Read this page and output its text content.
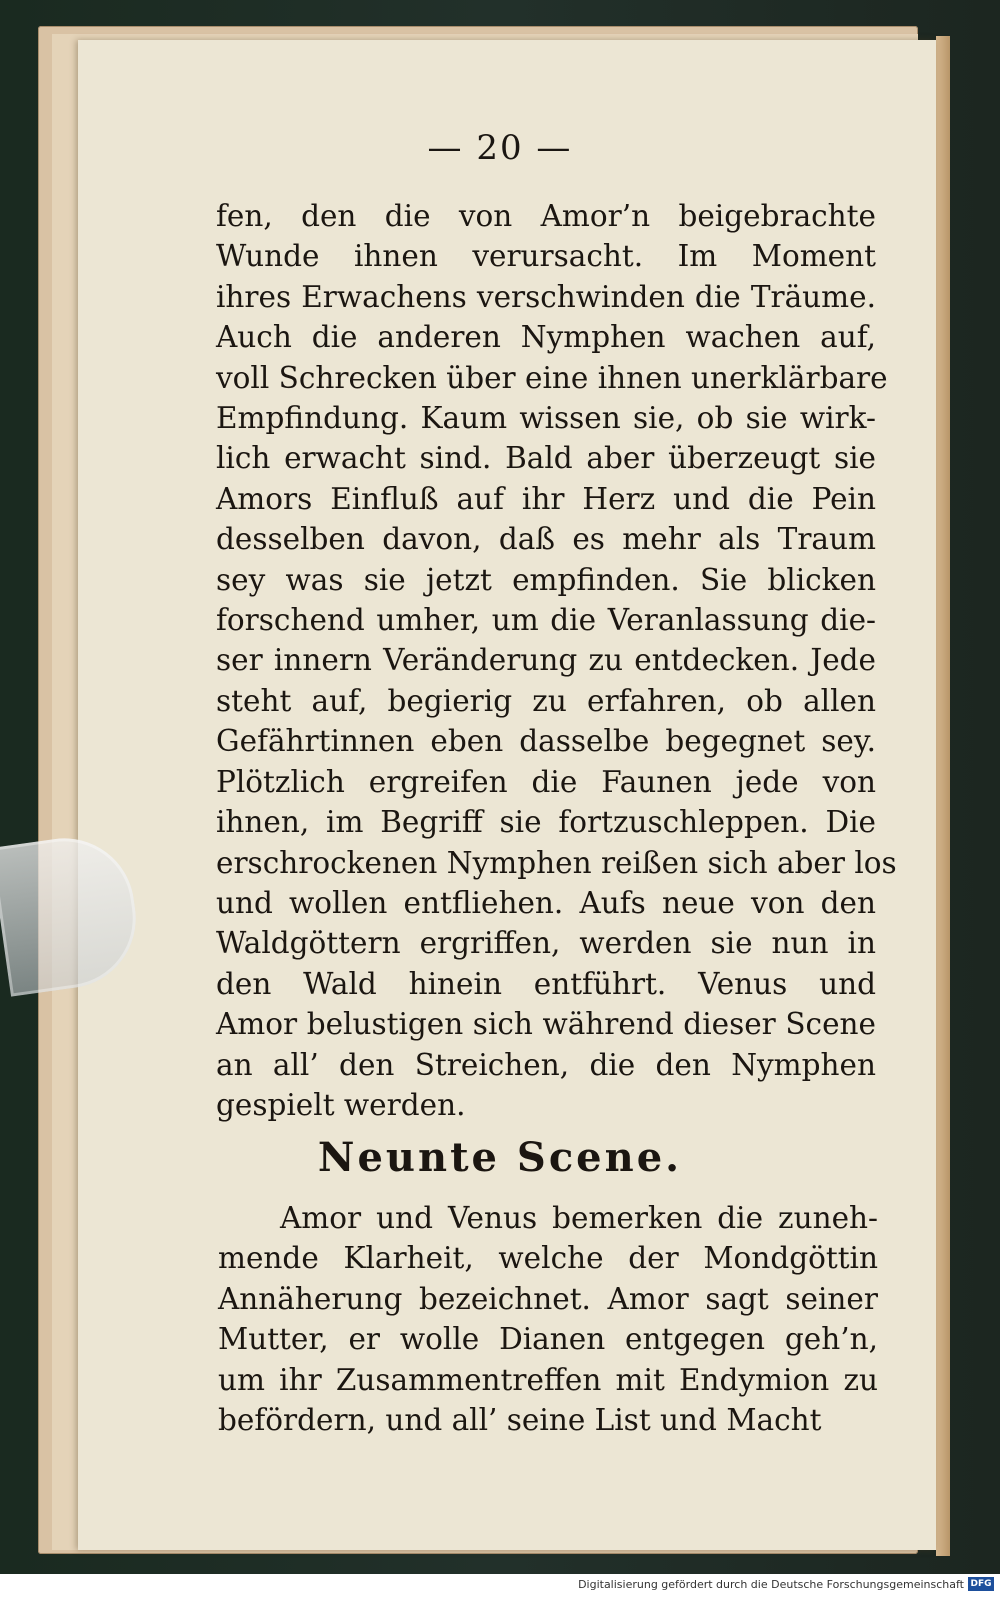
— 20 —
fen, den die von Amor’n beigebrachte
Wunde ihnen verursacht. Im Moment
ihres Erwachens verschwinden die Träume.
Auch die anderen Nymphen wachen auf,
voll Schrecken über eine ihnen unerklärbare
Empfindung. Kaum wissen sie, ob sie wirk-
lich erwacht sind. Bald aber überzeugt sie
Amors Einfluß auf ihr Herz und die Pein
desselben davon, daß es mehr als Traum
sey was sie jetzt empfinden. Sie blicken
forschend umher, um die Veranlassung die-
ser innern Veränderung zu entdecken. Jede
steht auf, begierig zu erfahren, ob allen
Gefährtinnen eben dasselbe begegnet sey.
Plötzlich ergreifen die Faunen jede von
ihnen, im Begriff sie fortzuschleppen. Die
erschrockenen Nymphen reißen sich aber los
und wollen entfliehen. Aufs neue von den
Waldgöttern ergriffen, werden sie nun in
den Wald hinein entführt. Venus und
Amor belustigen sich während dieser Scene
an all’ den Streichen, die den Nymphen
gespielt werden.
Neunte Scene.
Amor und Venus bemerken die zuneh-
mende Klarheit, welche der Mondgöttin
Annäherung bezeichnet. Amor sagt seiner
Mutter, er wolle Dianen entgegen geh’n,
um ihr Zusammentreffen mit Endymion zu
befördern, und all’ seine List und Macht
Digitalisierung gefördert durch die Deutsche Forschungsgemeinschaft DFG
